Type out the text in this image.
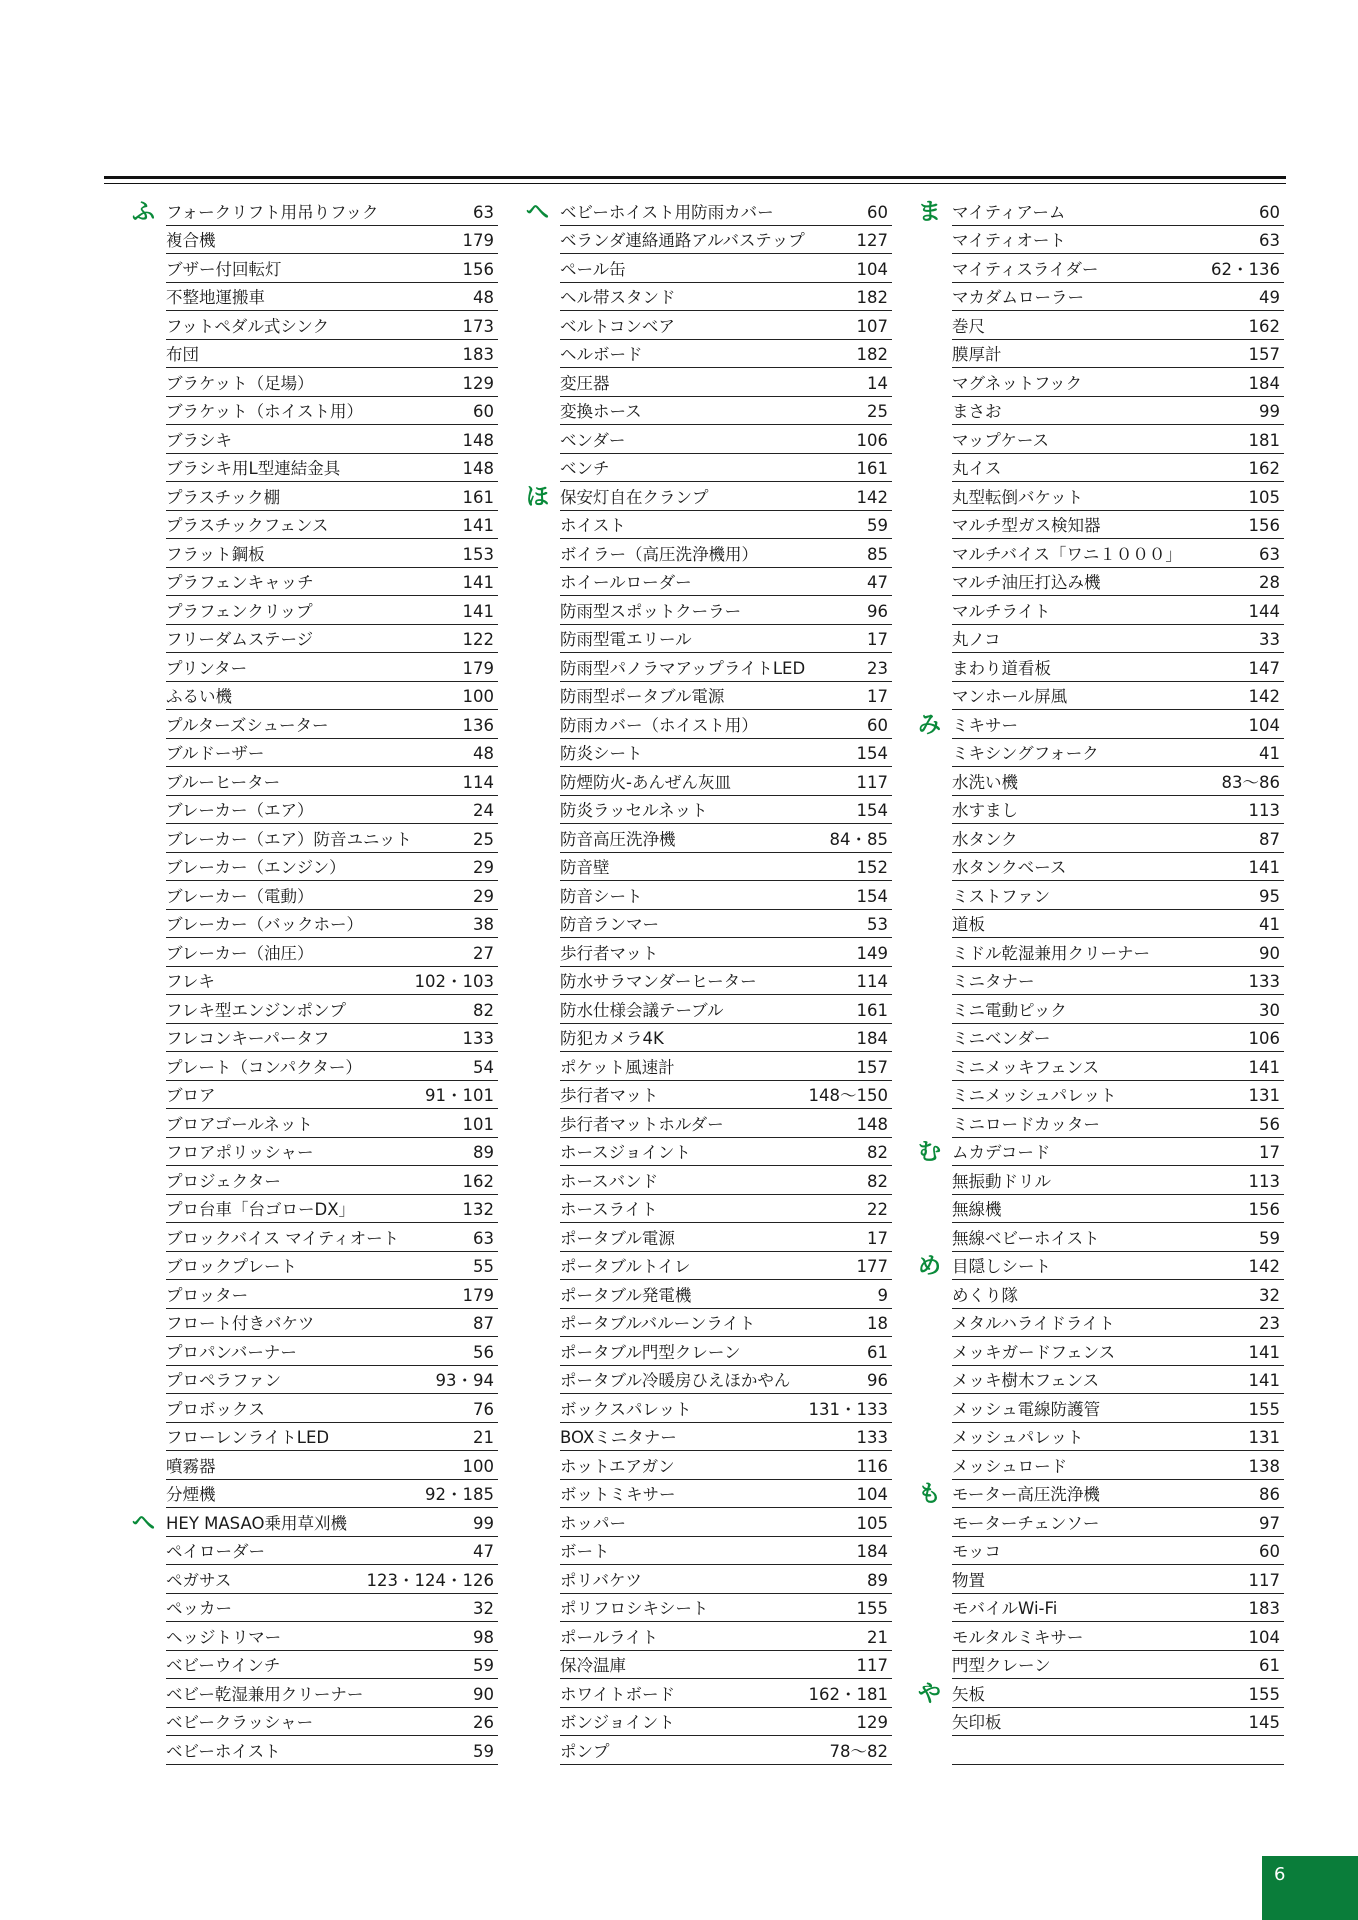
ふ フォークリフト用吊りフック	63
複合機	179
ブザー付回転灯	156
不整地運搬車	48
フットペダル式シンク	173
布団	183
ブラケット（足場）	129
ブラケット（ホイスト用）	60
ブラシキ	148
ブラシキ用L型連結金具	148
プラスチック棚	161
プラスチックフェンス	141
フラット鋼板	153
プラフェンキャッチ	141
プラフェンクリップ	141
フリーダムステージ	122
プリンター	179
ふるい機	100
プルターズシューター	136
ブルドーザー	48
ブルーヒーター	114
ブレーカー（エア）	24
ブレーカー（エア）防音ユニット	25
ブレーカー（エンジン）	29
ブレーカー（電動）	29
ブレーカー（バックホー）	38
ブレーカー（油圧）	27
フレキ	102・103
フレキ型エンジンポンプ	82
フレコンキーパータフ	133
プレート（コンパクター）	54
ブロア	91・101
ブロアゴールネット	101
フロアポリッシャー	89
プロジェクター	162
プロ台車「台ゴローDX」	132
ブロックバイス マイティオート	63
ブロックプレート	55
プロッター	179
フロート付きバケツ	87
プロパンバーナー	56
プロペラファン	93・94
プロボックス	76
フローレンライトLED	21
噴霧器	100
分煙機	92・185
へ HEY MASAO乗用草刈機	99
ペイローダー	47
ペガサス	123・124・126
ペッカー	32
ヘッジトリマー	98
ベビーウインチ	59
ベビー乾湿兼用クリーナー	90
ベビークラッシャー	26
ベビーホイスト	59
へ ベビーホイスト用防雨カバー	60
ベランダ連絡通路アルバステップ	127
ペール缶	104
ヘル帯スタンド	182
ベルトコンベア	107
ヘルボード	182
変圧器	14
変換ホース	25
ベンダー	106
ベンチ	161
ほ 保安灯自在クランプ	142
ホイスト	59
ボイラー（高圧洗浄機用）	85
ホイールローダー	47
防雨型スポットクーラー	96
防雨型電エリール	17
防雨型パノラマアップライトLED	23
防雨型ポータブル電源	17
防雨カバー（ホイスト用）	60
防炎シート	154
防煙防火-あんぜん灰皿	117
防炎ラッセルネット	154
防音高圧洗浄機	84・85
防音壁	152
防音シート	154
防音ランマー	53
歩行者マット	149
防水サラマンダーヒーター	114
防水仕様会議テーブル	161
防犯カメラ4K	184
ポケット風速計	157
歩行者マット	148〜150
歩行者マットホルダー	148
ホースジョイント	82
ホースバンド	82
ホースライト	22
ポータブル電源	17
ポータブルトイレ	177
ポータブル発電機	9
ポータブルバルーンライト	18
ポータブル門型クレーン	61
ポータブル冷暖房ひえほかやん	96
ボックスパレット	131・133
BOXミニタナー	133
ホットエアガン	116
ボットミキサー	104
ホッパー	105
ボート	184
ポリバケツ	89
ポリフロシキシート	155
ポールライト	21
保冷温庫	117
ホワイトボード	162・181
ボンジョイント	129
ポンプ	78〜82
ま マイティアーム	60
マイティオート	63
マイティスライダー	62・136
マカダムローラー	49
巻尺	162
膜厚計	157
マグネットフック	184
まさお	99
マップケース	181
丸イス	162
丸型転倒バケット	105
マルチ型ガス検知器	156
マルチバイス「ワニ１０００」	63
マルチ油圧打込み機	28
マルチライト	144
丸ノコ	33
まわり道看板	147
マンホール屏風	142
み ミキサー	104
ミキシングフォーク	41
水洗い機	83〜86
水すまし	113
水タンク	87
水タンクベース	141
ミストファン	95
道板	41
ミドル乾湿兼用クリーナー	90
ミニタナー	133
ミニ電動ピック	30
ミニベンダー	106
ミニメッキフェンス	141
ミニメッシュパレット	131
ミニロードカッター	56
む ムカデコード	17
無振動ドリル	113
無線機	156
無線ベビーホイスト	59
め 目隠しシート	142
めくり隊	32
メタルハライドライト	23
メッキガードフェンス	141
メッキ樹木フェンス	141
メッシュ電線防護管	155
メッシュパレット	131
メッシュロード	138
も モーター高圧洗浄機	86
モーターチェンソー	97
モッコ	60
物置	117
モバイルWi-Fi	183
モルタルミキサー	104
門型クレーン	61
や 矢板	155
矢印板	145
6
